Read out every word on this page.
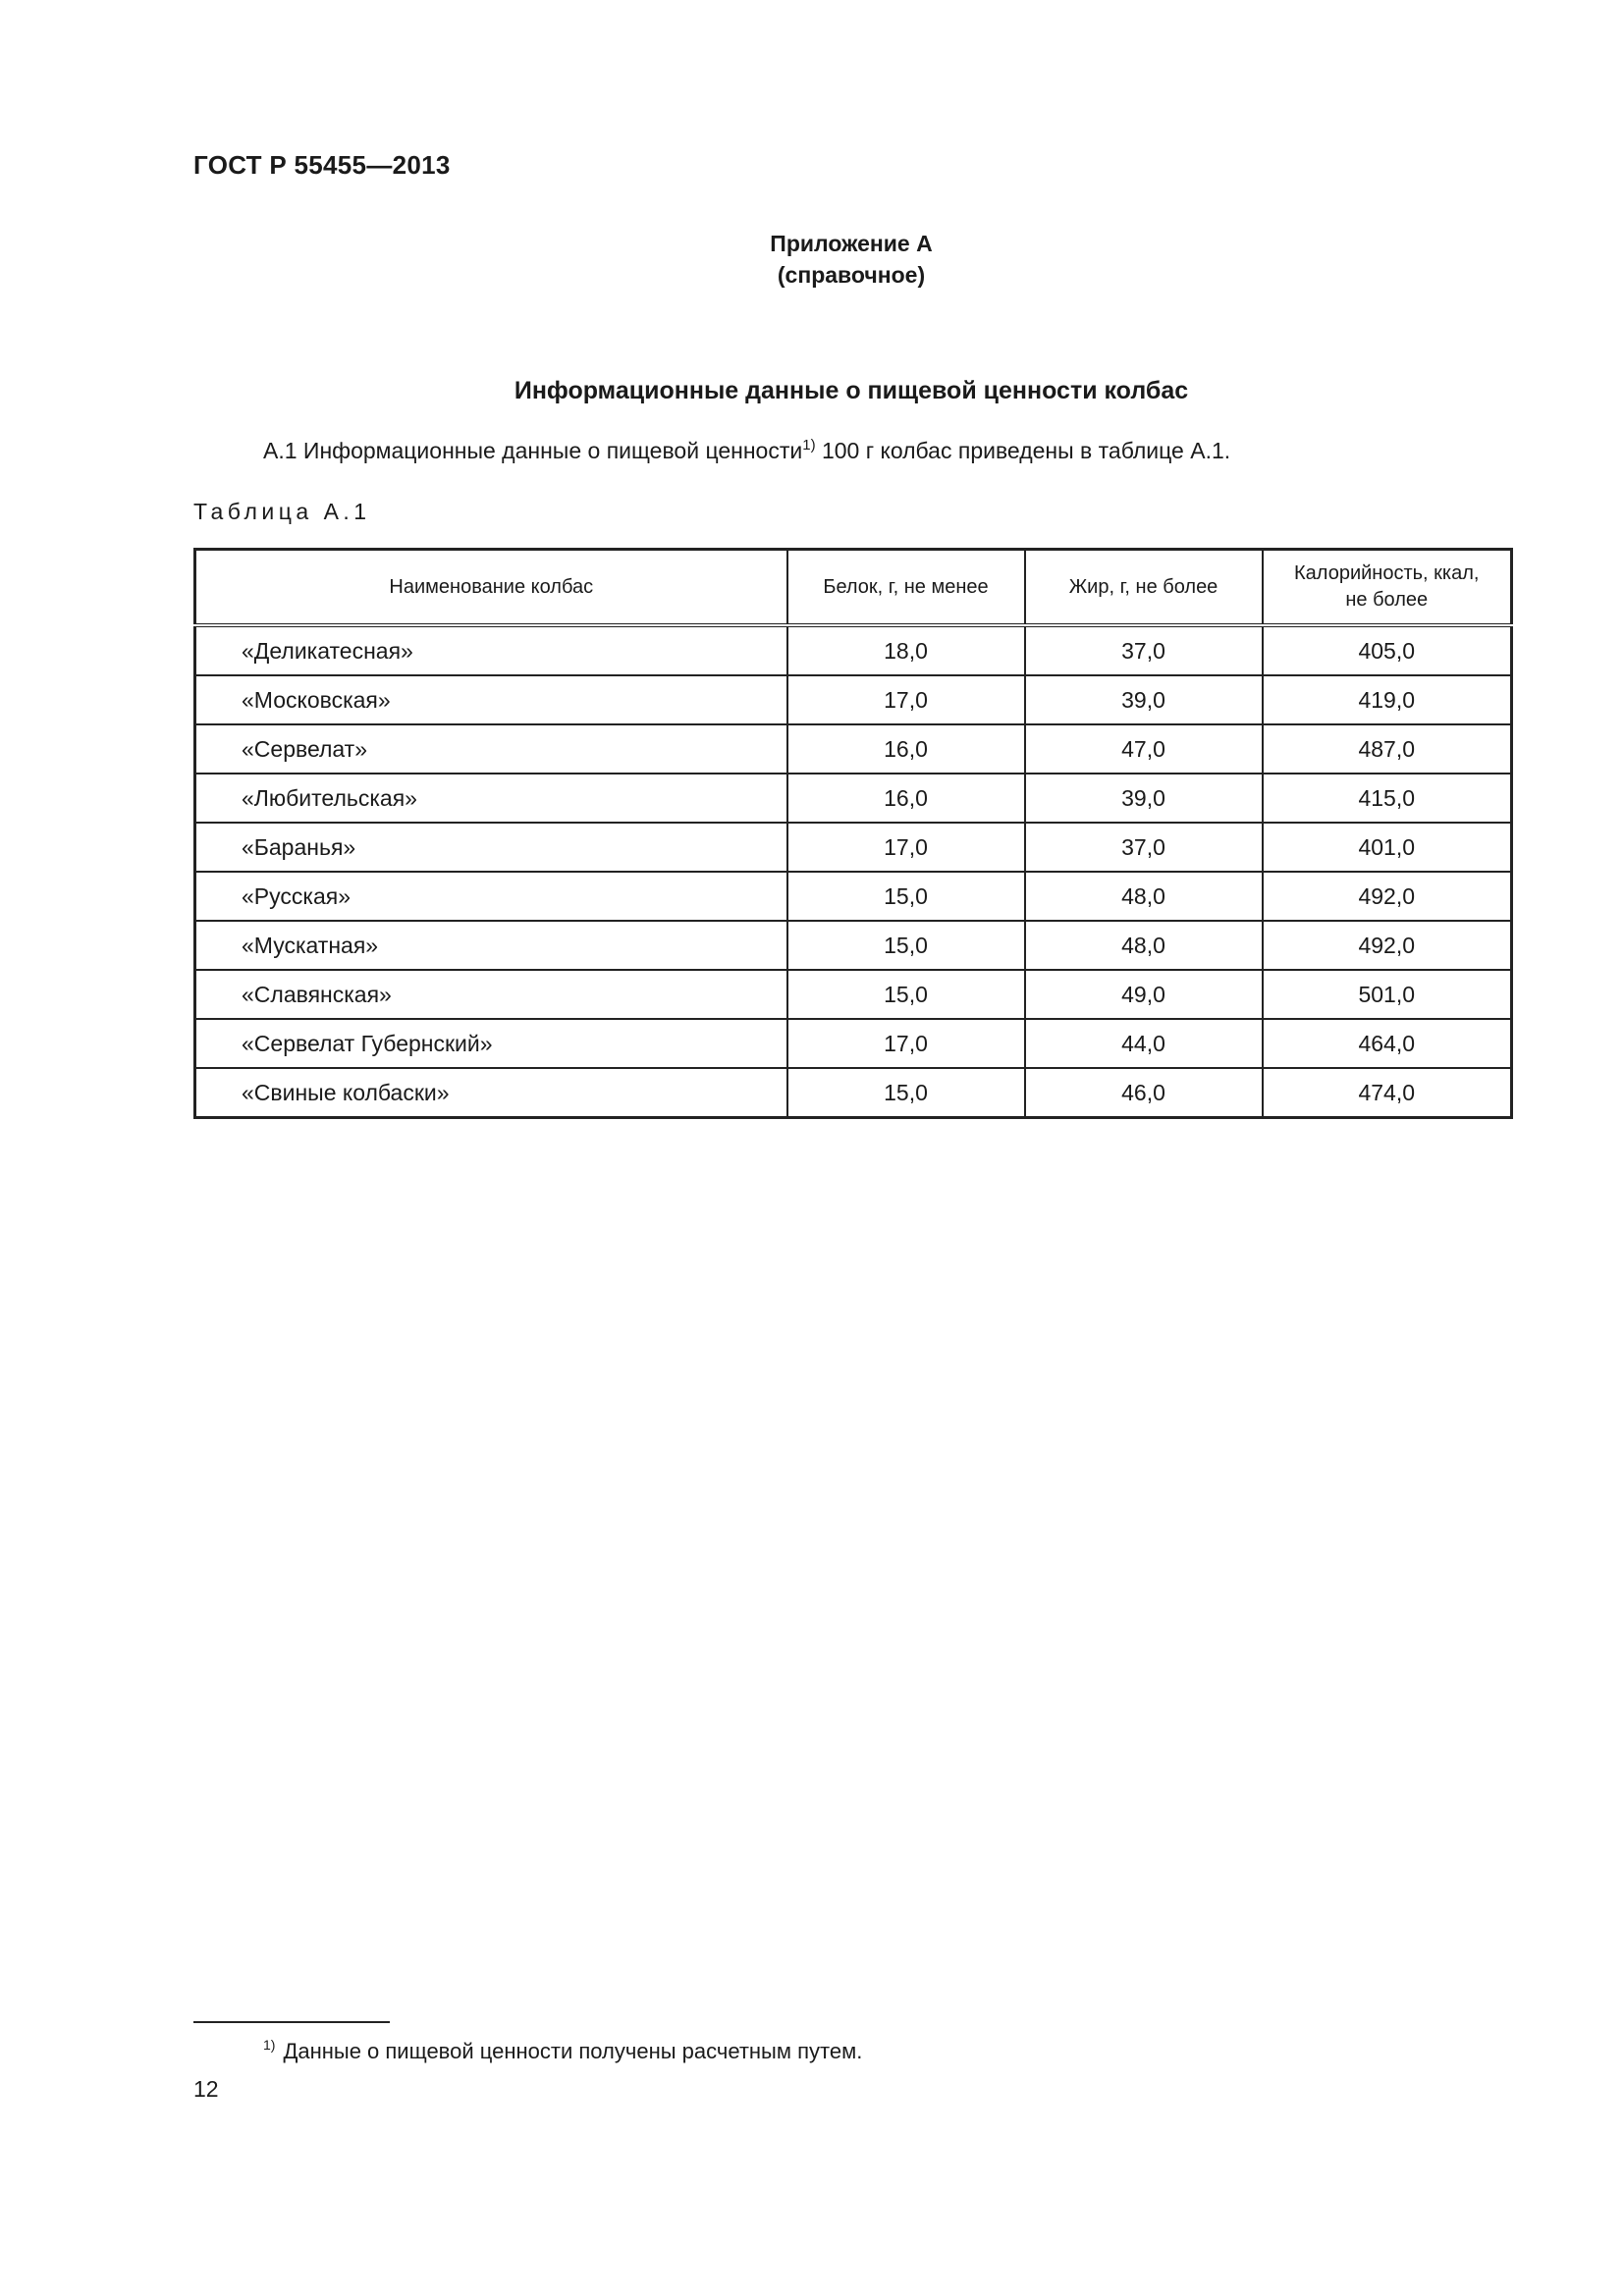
ГОСТ Р 55455—2013
Приложение А
(справочное)
Информационные данные о пищевой ценности колбас
А.1 Информационные данные о пищевой ценности$^{1)}$ 100 г колбас приведены в таблице А.1.
Таблица А.1
Наименование колбас	Белок, г, не менее	Жир, г, не более	Калорийность, ккал,
не более
«Деликатесная»	18,0	37,0	405,0
«Московская»	17,0	39,0	419,0
«Сервелат»	16,0	47,0	487,0
«Любительская»	16,0	39,0	415,0
«Баранья»	17,0	37,0	401,0
«Русская»	15,0	48,0	492,0
«Мускатная»	15,0	48,0	492,0
«Славянская»	15,0	49,0	501,0
«Сервелат Губернский»	17,0	44,0	464,0
«Свиные колбаски»	15,0	46,0	474,0
$^{1)}$ Данные о пищевой ценности получены расчетным путем.
12
